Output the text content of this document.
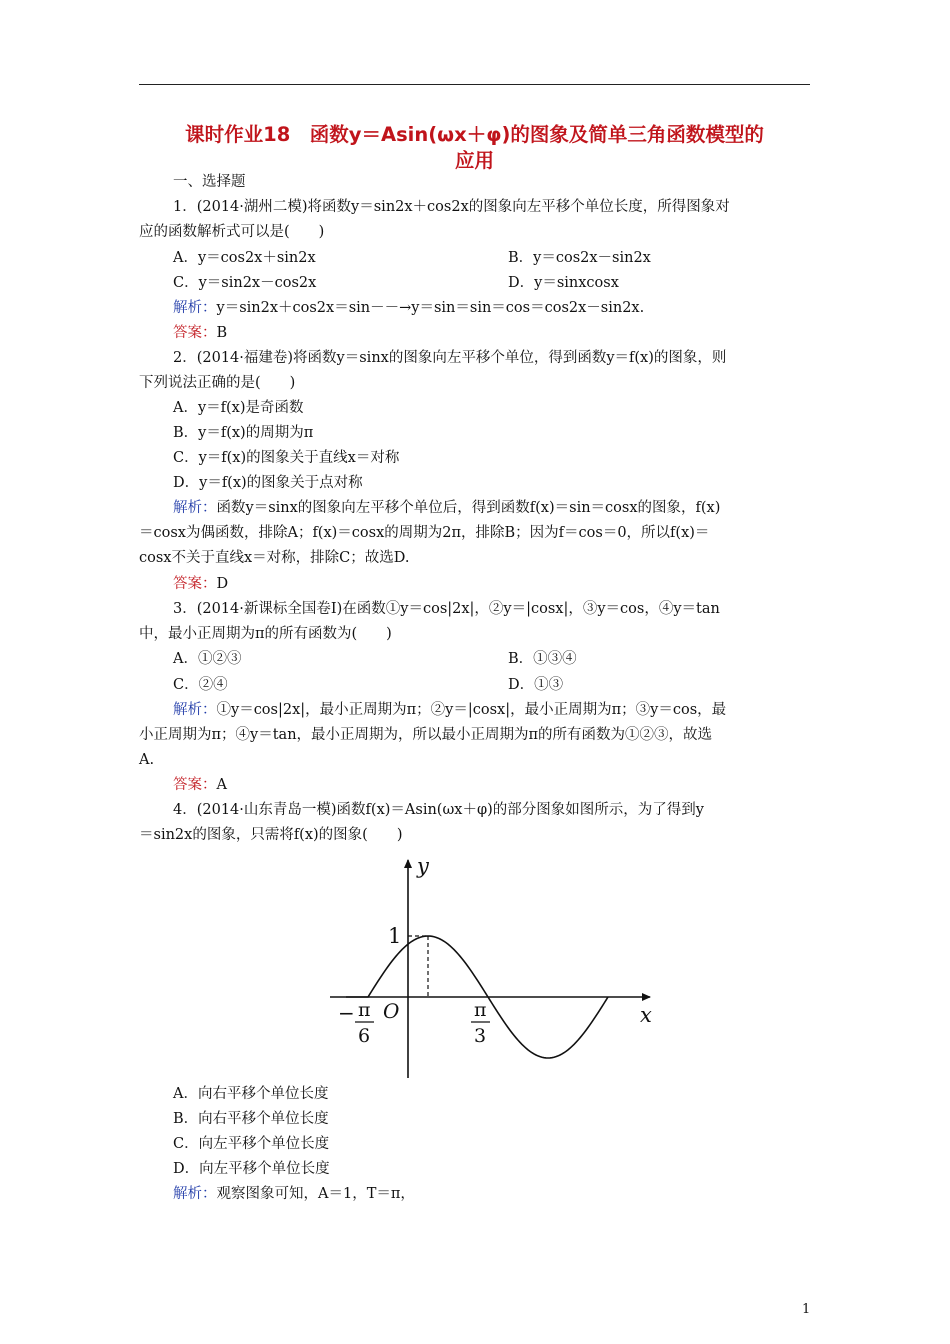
课时作业18　函数y＝Asin(ωx＋φ)的图象及简单三角函数模型的
应用
一、选择题
1．(2014·湖州二模)将函数y＝sin2x＋cos2x的图象向左平移个单位长度，所得图象对
应的函数解析式可以是(　　)
A．y＝cos2x＋sin2x	B．y＝cos2x－sin2x
C．y＝sin2x－cos2x	D．y＝sinxcosx
解析：y＝sin2x＋cos2x＝sin－－→y＝sin＝sin＝cos＝cos2x－sin2x.
答案：B
2．(2014·福建卷)将函数y＝sinx的图象向左平移个单位，得到函数y＝f(x)的图象，则
下列说法正确的是(　　)
A．y＝f(x)是奇函数
B．y＝f(x)的周期为π
C．y＝f(x)的图象关于直线x＝对称
D．y＝f(x)的图象关于点对称
解析：函数y＝sinx的图象向左平移个单位后，得到函数f(x)＝sin＝cosx的图象，f(x)
＝cosx为偶函数，排除A；f(x)＝cosx的周期为2π，排除B；因为f＝cos＝0，所以f(x)＝
cosx不关于直线x＝对称，排除C；故选D.
答案：D
3．(2014·新课标全国卷Ⅰ)在函数①y＝cos|2x|，②y＝|cosx|，③y＝cos，④y＝tan
中，最小正周期为π的所有函数为(　　)
A．①②③	B．①③④
C．②④	D．①③
解析：①y＝cos|2x|，最小正周期为π；②y＝|cosx|，最小正周期为π；③y＝cos，最
小正周期为π；④y＝tan，最小正周期为，所以最小正周期为π的所有函数为①②③，故选
A.
答案：A
4．(2014·山东青岛一模)函数f(x)＝Asin(ωx＋φ)的部分图象如图所示，为了得到y
＝sin2x的图象，只需将f(x)的图象(　　)
y
x
O
1
− π
6
π
3
A．向右平移个单位长度
B．向右平移个单位长度
C．向左平移个单位长度
D．向左平移个单位长度
解析：观察图象可知，A＝1，T＝π，
1
